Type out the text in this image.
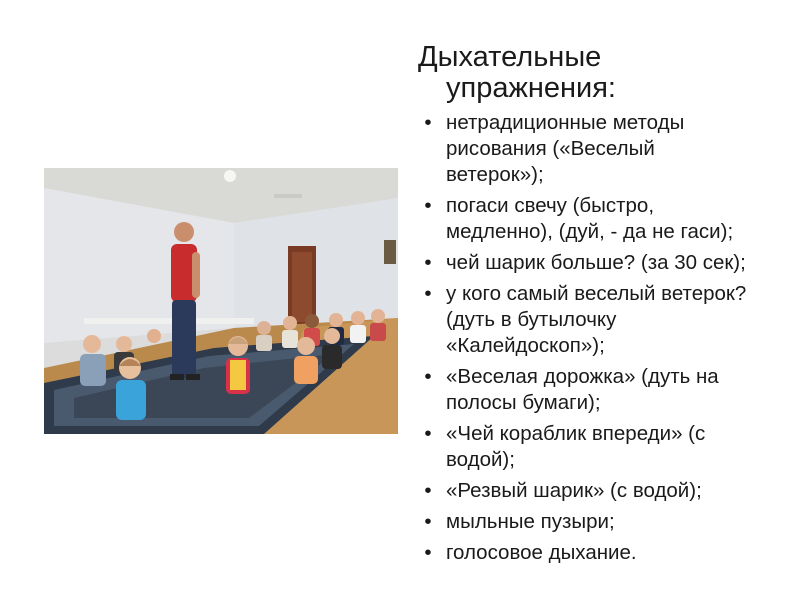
Дыхательные
упражнения:
• нетрадиционные методы
рисования («Веселый
ветерок»);
• погаси свечу (быстро,
медленно), (дуй, - да не гаси);
• чей шарик больше? (за 30 сек);
• у кого самый веселый ветерок?
(дуть в бутылочку
«Калейдоскоп»);
• «Веселая дорожка» (дуть на
полосы бумаги);
• «Чей кораблик впереди» (с
водой);
• «Резвый шарик» (с водой);
• мыльные пузыри;
• голосовое дыхание.
